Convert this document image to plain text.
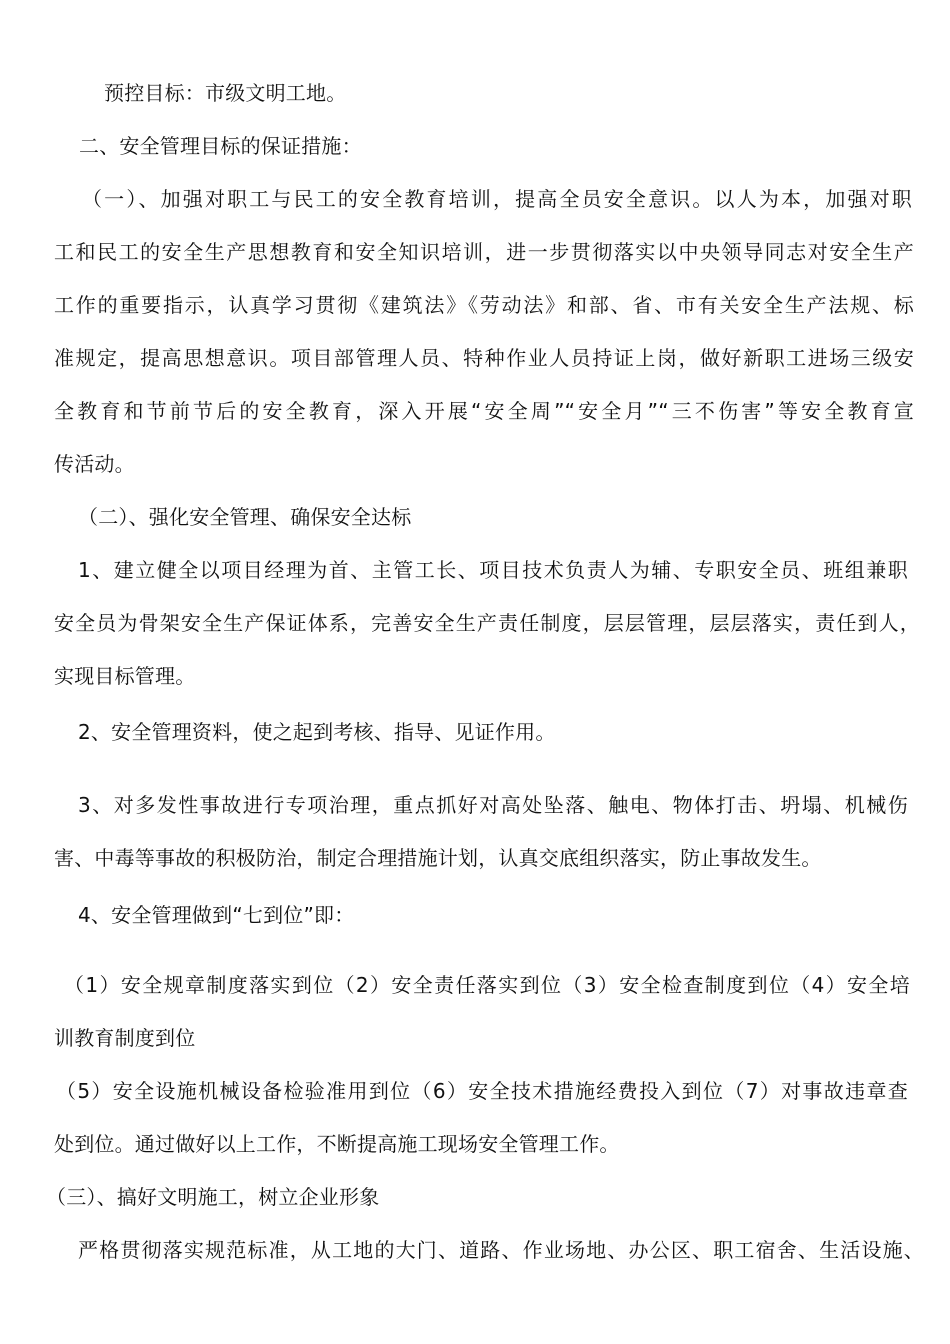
预控目标：市级文明工地。
二、安全管理目标的保证措施：
（一）、加强对职工与民工的安全教育培训，提高全员安全意识。以人为本，加强对职
工和民工的安全生产思想教育和安全知识培训，进一步贯彻落实以中央领导同志对安全生产
工作的重要指示，认真学习贯彻《建筑法》《劳动法》和部、省、市有关安全生产法规、标
准规定，提高思想意识。项目部管理人员、特种作业人员持证上岗，做好新职工进场三级安
全教育和节前节后的安全教育，深入开展“安全周”“安全月”“三不伤害”等安全教育宣
传活动。
（二）、强化安全管理、确保安全达标
1、建立健全以项目经理为首、主管工长、项目技术负责人为辅、专职安全员、班组兼职
安全员为骨架安全生产保证体系，完善安全生产责任制度，层层管理，层层落实，责任到人，
实现目标管理。
2、安全管理资料，使之起到考核、指导、见证作用。
3、对多发性事故进行专项治理，重点抓好对高处坠落、触电、物体打击、坍塌、机械伤
害、中毒等事故的积极防治，制定合理措施计划，认真交底组织落实，防止事故发生。
4、安全管理做到“七到位”即：
（1）安全规章制度落实到位（2）安全责任落实到位（3）安全检查制度到位（4）安全培
训教育制度到位
（5）安全设施机械设备检验准用到位（6）安全技术措施经费投入到位（7）对事故违章查
处到位。通过做好以上工作，不断提高施工现场安全管理工作。
（三）、搞好文明施工，树立企业形象
严格贯彻落实规范标准，从工地的大门、道路、作业场地、办公区、职工宿舍、生活设施、
